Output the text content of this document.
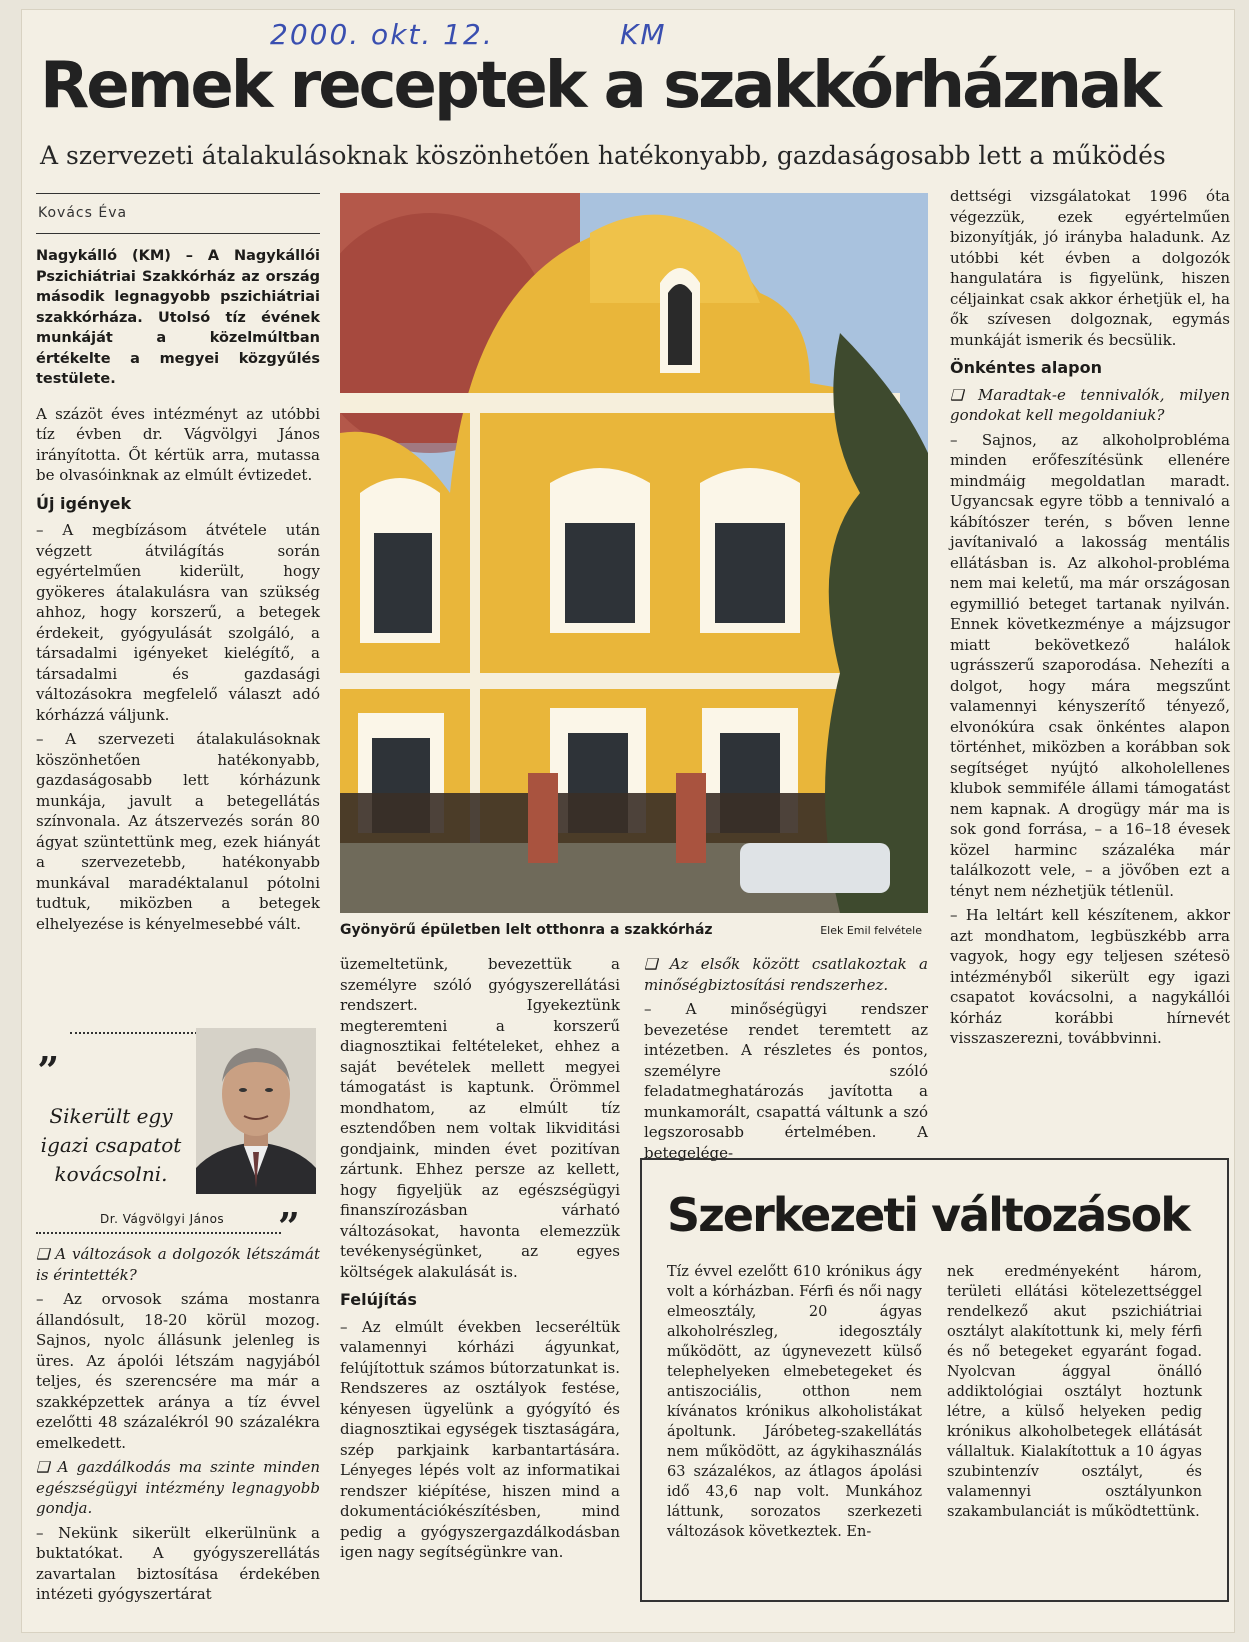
2000. okt. 12.	KM
Remek receptek a szakkórháznak
A szervezeti átalakulásoknak köszönhetően hatékonyabb, gazdaságosabb lett a működés
Kovács Éva

Nagykálló (KM) – A Nagykállói Pszichiátriai Szakkórház az ország második legnagyobb pszichiátriai szakkórháza. Utolsó tíz évének munkáját a közelmúltban értékelte a megyei közgyűlés testülete.

A százöt éves intézményt az utóbbi tíz évben dr. Vágvölgyi János irányította. Őt kértük arra, mutassa be olvasóinknak az elmúlt évtizedet.

Új igények

– A megbízásom átvétele után végzett átvilágítás során egyértelműen kiderült, hogy gyökeres átalakulásra van szükség ahhoz, hogy korszerű, a betegek érdekeit, gyógyulását szolgáló, a társadalmi igényeket kielégítő, a társadalmi és gazdasági változásokra megfelelő választ adó kórházzá váljunk.

– A szervezeti átalakulásoknak köszönhetően hatékonyabb, gazdaságosabb lett kórházunk munkája, javult a betegellátás színvonala. Az átszervezés során 80 ágyat szüntettünk meg, ezek hiányát a szervezetebb, hatékonyabb munkával maradéktalanul pótolni tudtuk, miközben a betegek elhelyezése is kényelmesebbé vált.

„
Sikerült egy igazi csapatot kovácsolni.
Dr. Vágvölgyi János ”

❑ A változások a dolgozók létszámát is érintették?

– Az orvosok száma mostanra állandósult, 18-20 körül mozog. Sajnos, nyolc állásunk jelenleg is üres. Az ápolói létszám nagyjából teljes, és szerencsére ma már a szakképzettek aránya a tíz évvel ezelőtti 48 százalékról 90 százalékra emelkedett.

❑ A gazdálkodás ma szinte minden egészségügyi intézmény legnagyobb gondja.

– Nekünk sikerült elkerülnünk a buktatókat. A gyógyszerellátás zavartalan biztosítása érdekében intézeti gyógyszertárat

Gyönyörű épületben lelt otthonra a szakkórház	Elek Emil felvétele

üzemeltetünk, bevezettük a személyre szóló gyógyszerellátási rendszert. Igyekeztünk megteremteni a korszerű diagnosztikai feltételeket, ehhez a saját bevételek mellett megyei támogatást is kaptunk. Örömmel mondhatom, az elmúlt tíz esztendőben nem voltak likviditási gondjaink, minden évet pozitívan zártunk. Ehhez persze az kellett, hogy figyeljük az egészségügyi finanszírozásban várható változásokat, havonta elemezzük tevékenységünket, az egyes költségek alakulását is.

Felújítás

– Az elmúlt években lecseréltük valamennyi kórházi ágyunkat, felújítottuk számos bútorzatunkat is. Rendszeres az osztályok festése, kényesen ügyelünk a gyógyító és diagnosztikai egységek tisztaságára, szép parkjaink karbantartására. Lényeges lépés volt az informatikai rendszer kiépítése, hiszen mind a dokumentációkészítésben, mind pedig a gyógyszergazdálkodásban igen nagy segítségünkre van.

❑ Az elsők között csatlakoztak a minőségbiztosítási rendszerhez.

– A minőségügyi rendszer bevezetése rendet teremtett az intézetben. A részletes és pontos, személyre szóló feladatmeghatározás javította a munkamorált, csapattá váltunk a szó legszorosabb értelmében. A betegelége-

dettségi vizsgálatokat 1996 óta végezzük, ezek egyértelműen bizonyítják, jó irányba haladunk. Az utóbbi két évben a dolgozók hangulatára is figyelünk, hiszen céljainkat csak akkor érhetjük el, ha ők szívesen dolgoznak, egymás munkáját ismerik és becsülik.

Önkéntes alapon

❑ Maradtak-e tennivalók, milyen gondokat kell megoldaniuk?

– Sajnos, az alkoholprobléma minden erőfeszítésünk ellenére mindmáig megoldatlan maradt. Ugyancsak egyre több a tennivaló a kábítószer terén, s bőven lenne javítanivaló a lakosság mentális ellátásban is. Az alkohol-probléma nem mai keletű, ma már országosan egymillió beteget tartanak nyilván. Ennek következménye a májzsugor miatt bekövetkező halálok ugrásszerű szaporodása. Nehezíti a dolgot, hogy mára megszűnt valamennyi kényszerítő tényező, elvonókúra csak önkéntes alapon történhet, miközben a korábban sok segítséget nyújtó alkoholellenes klubok semmiféle állami támogatást nem kapnak. A drogügy már ma is sok gond forrása, – a 16–18 évesek közel harminc százaléka már találkozott vele, – a jövőben ezt a tényt nem nézhetjük tétlenül.

– Ha leltárt kell készítenem, akkor azt mondhatom, legbüszkébb arra vagyok, hogy egy teljesen szétesö intézményből sikerült egy igazi csapatot kovácsolni, a nagykállói kórház korábbi hírnevét visszaszerezni, továbbvinni.

Szerkezeti változások
Tíz évvel ezelőtt 610 krónikus ágy volt a kórházban. Férfi és női nagy elmeosztály, 20 ágyas alkoholrészleg, idegosztály működött, az úgynevezett külső telephelyeken elmebetegeket és antiszociális, otthon nem kívánatos krónikus alkoholistákat ápoltunk. Járóbeteg-szakellátás nem működött, az ágykihasználás 63 százalékos, az átlagos ápolási idő 43,6 nap volt. Munkához láttunk, sorozatos szerkezeti változások következtek. En-
nek eredményeként három, területi ellátási kötelezettséggel rendelkező akut pszichiátriai osztályt alakítottunk ki, mely férfi és nő betegeket egyaránt fogad. Nyolcvan ággyal önálló addiktológiai osztályt hoztunk létre, a külső helyeken pedig krónikus alkoholbetegek ellátását vállaltuk. Kialakítottuk a 10 ágyas szubintenzív osztályt, és valamennyi osztályunkon szakambulanciát is működtettünk.
